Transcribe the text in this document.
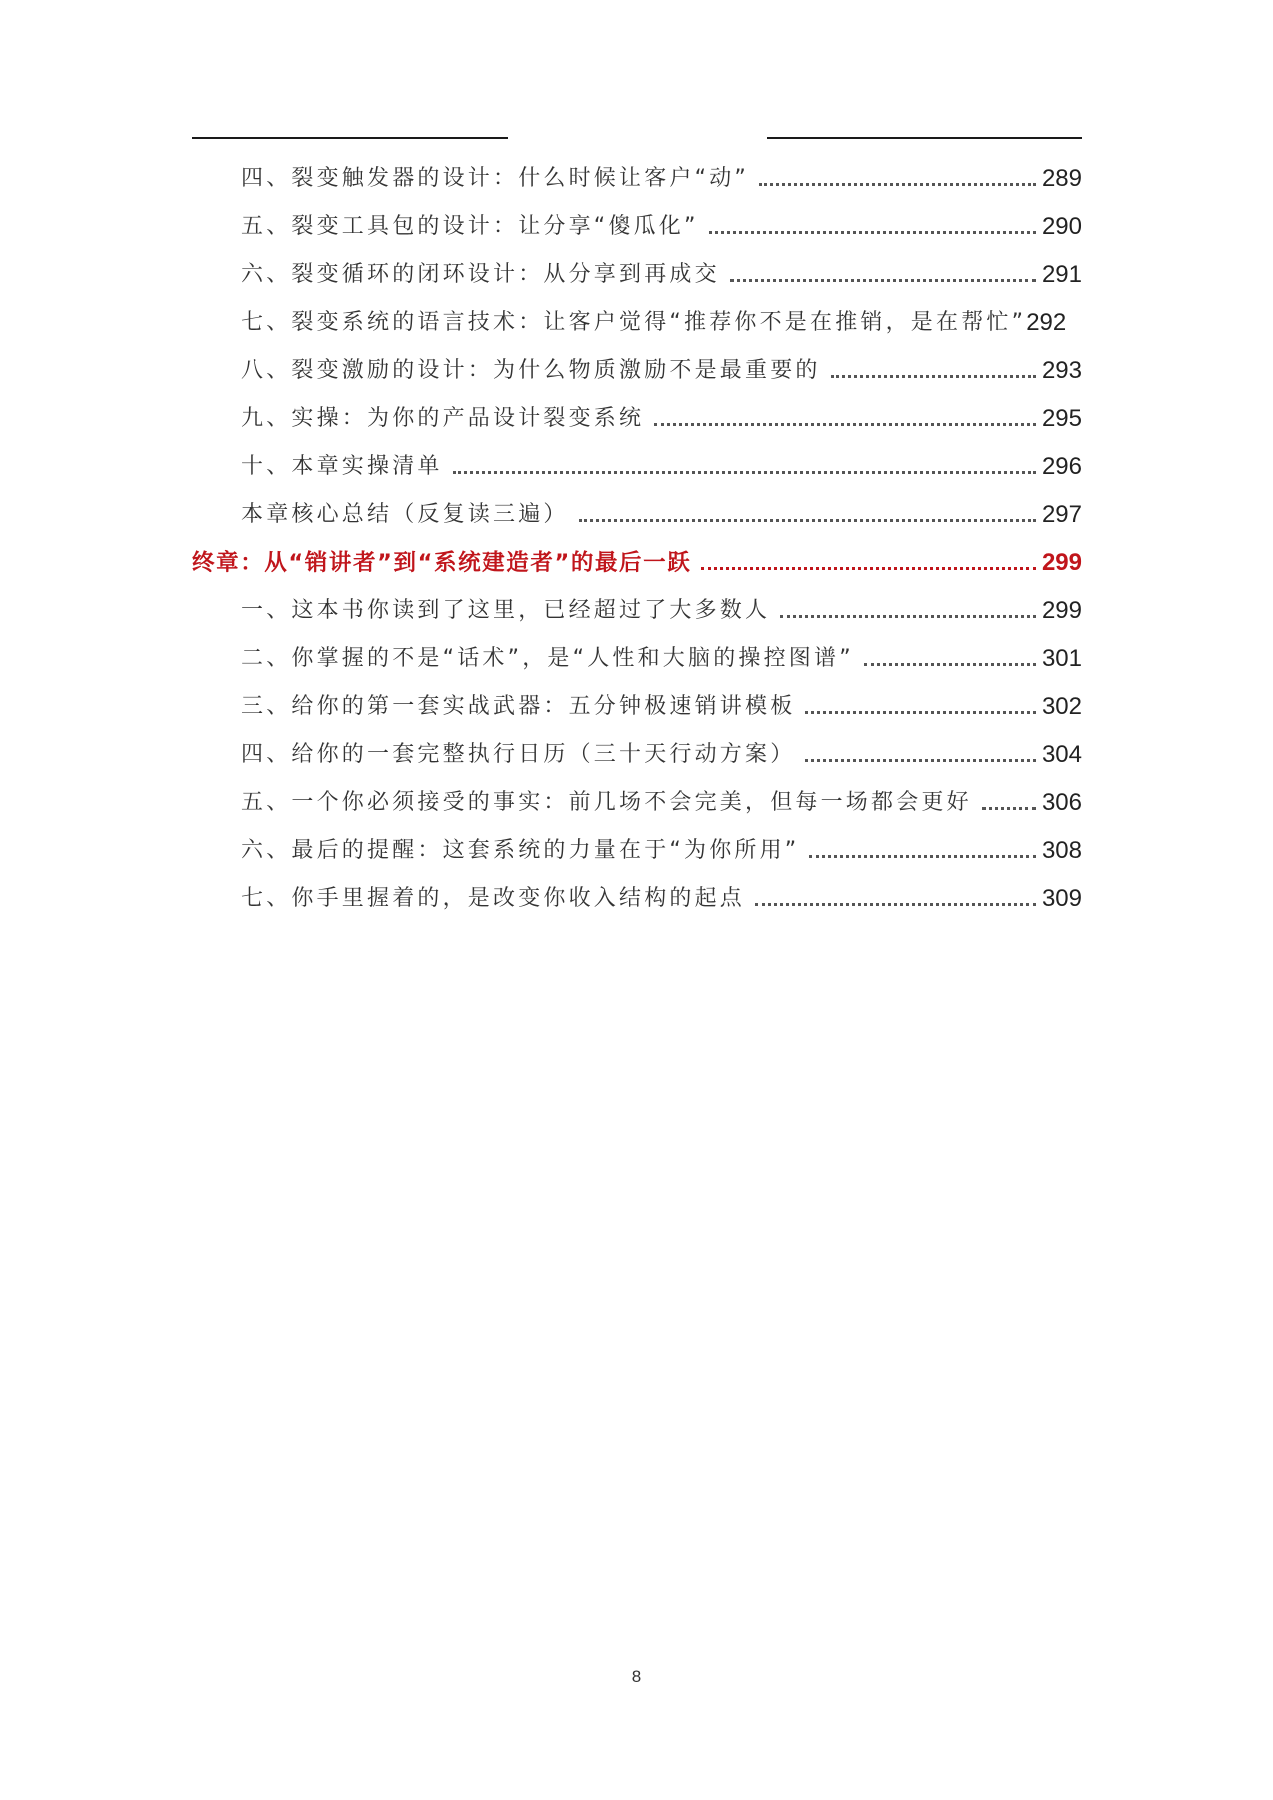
四、裂变触发器的设计：什么时候让客户“动”	289
五、裂变工具包的设计：让分享“傻瓜化”	290
六、裂变循环的闭环设计：从分享到再成交	291
七、裂变系统的语言技术：让客户觉得“推荐你不是在推销，是在帮忙” 292
八、裂变激励的设计：为什么物质激励不是最重要的	293
九、实操：为你的产品设计裂变系统	295
十、本章实操清单	296
本章核心总结（反复读三遍）	297
终章：从“销讲者”到“系统建造者”的最后一跃	299
一、这本书你读到了这里，已经超过了大多数人	299
二、你掌握的不是“话术”，是“人性和大脑的操控图谱”	301
三、给你的第一套实战武器：五分钟极速销讲模板	302
四、给你的一套完整执行日历（三十天行动方案）	304
五、一个你必须接受的事实：前几场不会完美，但每一场都会更好	306
六、最后的提醒：这套系统的力量在于“为你所用”	308
七、你手里握着的，是改变你收入结构的起点	309
8
